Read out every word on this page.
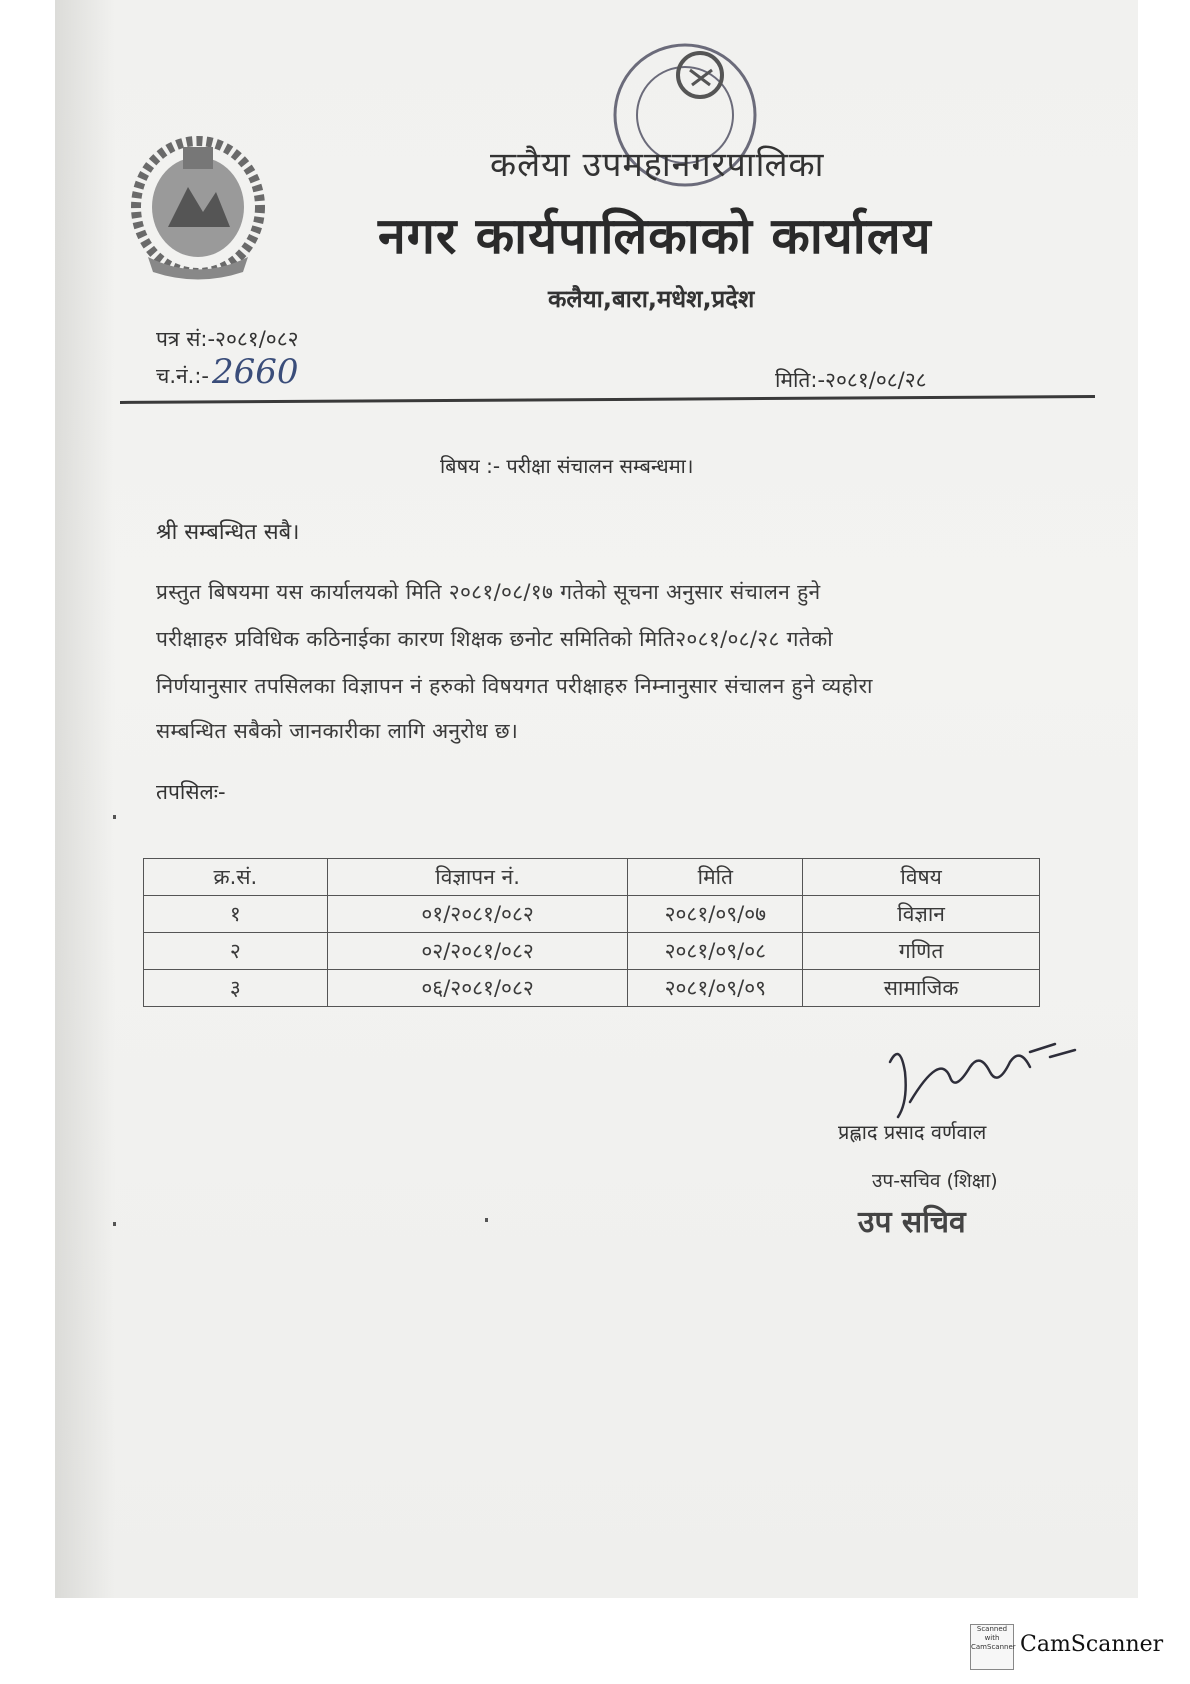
कलैया उपमहानगरपालिका
नगर कार्यपालिकाको कार्यालय
कलैया,बारा,मधेश,प्रदेश
पत्र सं:-२०८१/०८२
च.नं.:- 2660	मिति:-२०८१/०८/२८
बिषय :- परीक्षा संचालन सम्बन्धमा।
श्री सम्बन्धित सबै।
प्रस्तुत बिषयमा यस कार्यालयको मिति २०८१/०८/१७ गतेको सूचना अनुसार संचालन हुने
परीक्षाहरु प्रविधिक कठिनाईका कारण शिक्षक छनोट समितिको मिति२०८१/०८/२८ गतेको
निर्णयानुसार तपसिलका विज्ञापन नं हरुको विषयगत परीक्षाहरु निम्नानुसार संचालन हुने व्यहोरा
सम्बन्धित सबैको जानकारीका लागि अनुरोध छ।
तपसिलः-
क्र.सं.	विज्ञापन नं.	मिति	विषय
१	०१/२०८१/०८२	२०८१/०९/०७	विज्ञान
२	०२/२०८१/०८२	२०८१/०९/०८	गणित
३	०६/२०८१/०८२	२०८१/०९/०९	सामाजिक
प्रह्लाद प्रसाद वर्णवाल
उप-सचिव (शिक्षा)
उप सचिव
Scanned with CamScanner CamScanner
